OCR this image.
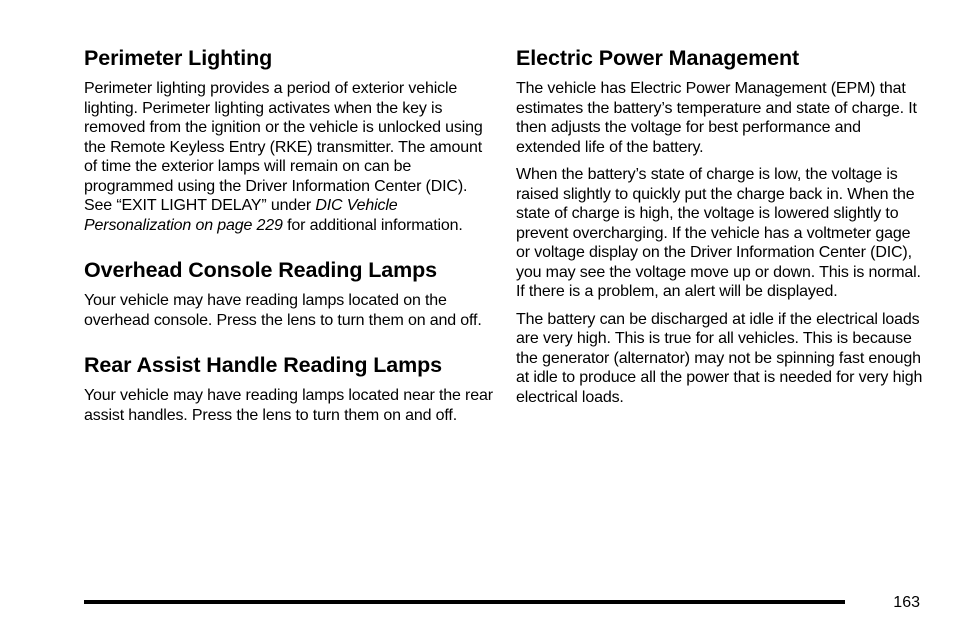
Perimeter Lighting

Perimeter lighting provides a period of exterior vehicle lighting. Perimeter lighting activates when the key is removed from the ignition or the vehicle is unlocked using the Remote Keyless Entry (RKE) transmitter. The amount of time the exterior lamps will remain on can be programmed using the Driver Information Center (DIC). See “EXIT LIGHT DELAY” under DIC Vehicle Personalization on page 229 for additional information.

Overhead Console Reading Lamps

Your vehicle may have reading lamps located on the overhead console. Press the lens to turn them on and off.

Rear Assist Handle Reading Lamps

Your vehicle may have reading lamps located near the rear assist handles. Press the lens to turn them on and off.

Electric Power Management

The vehicle has Electric Power Management (EPM) that estimates the battery’s temperature and state of charge. It then adjusts the voltage for best performance and extended life of the battery.

When the battery’s state of charge is low, the voltage is raised slightly to quickly put the charge back in. When the state of charge is high, the voltage is lowered slightly to prevent overcharging. If the vehicle has a voltmeter gage or voltage display on the Driver Information Center (DIC), you may see the voltage move up or down. This is normal. If there is a problem, an alert will be displayed.

The battery can be discharged at idle if the electrical loads are very high. This is true for all vehicles. This is because the generator (alternator) may not be spinning fast enough at idle to produce all the power that is needed for very high electrical loads.

163
